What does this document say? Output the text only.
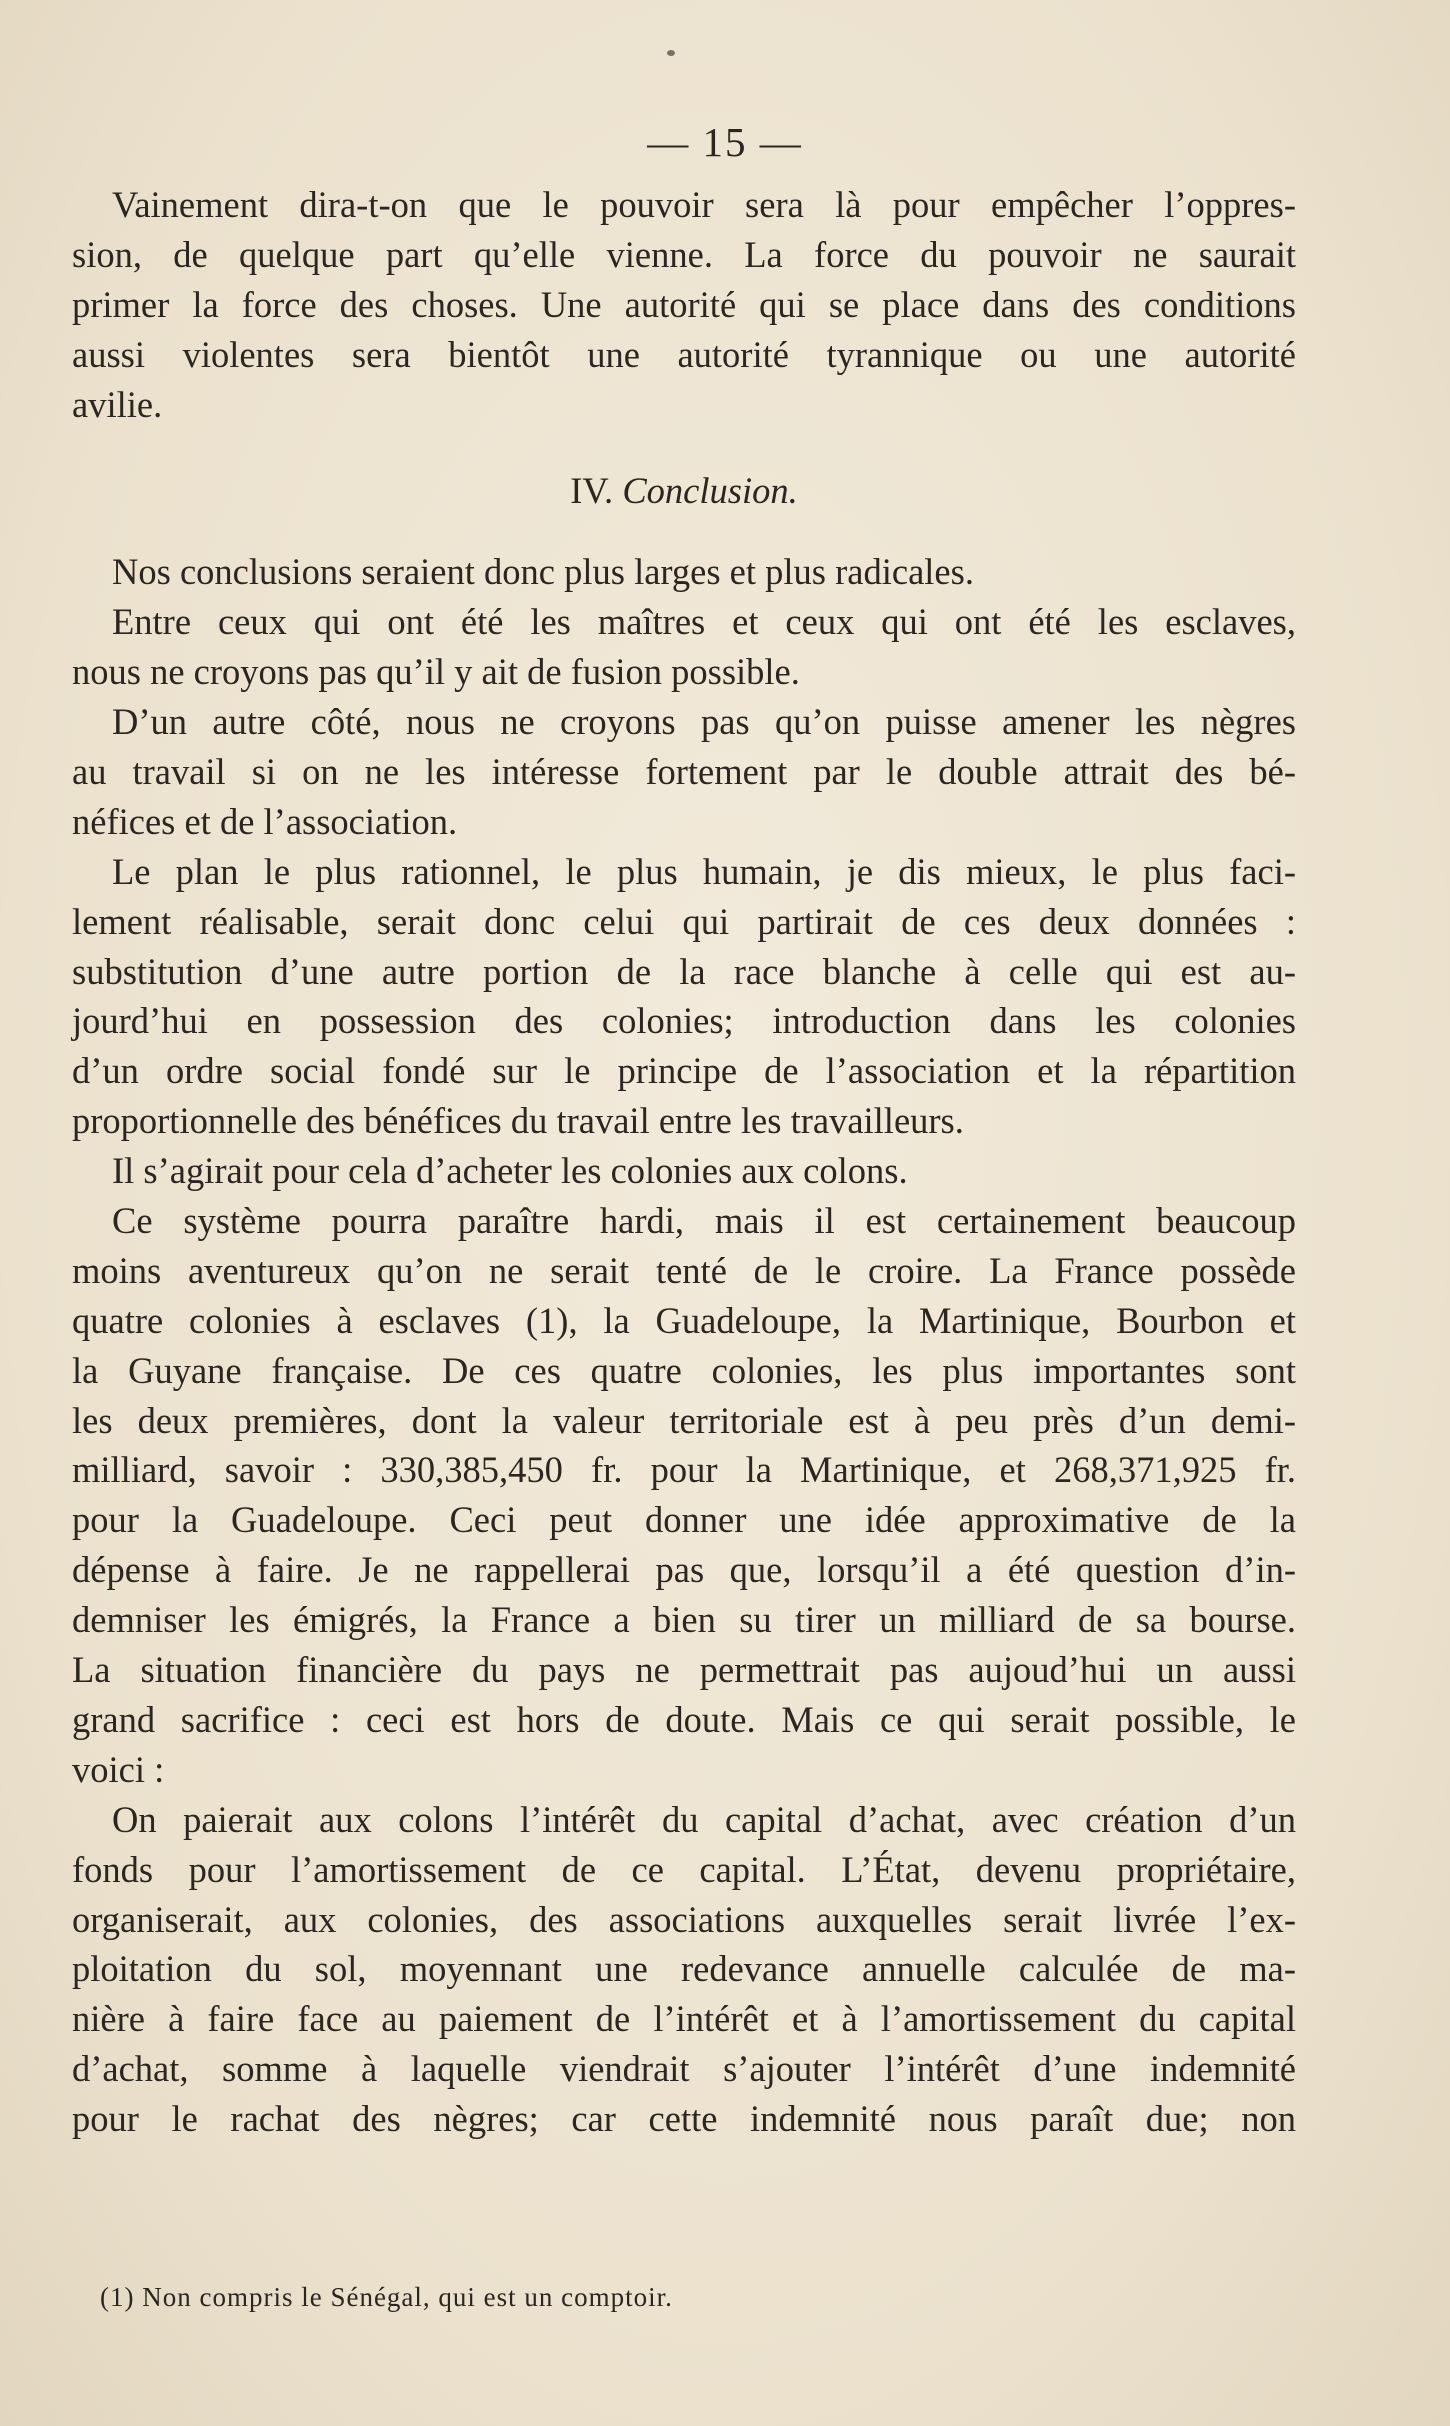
— 15 —
Vainement dira-t-on que le pouvoir sera là pour empêcher l’oppres-
sion, de quelque part qu’elle vienne. La force du pouvoir ne saurait
primer la force des choses. Une autorité qui se place dans des conditions
aussi violentes sera bientôt une autorité tyrannique ou une autorité
avilie.
IV. Conclusion.
Nos conclusions seraient donc plus larges et plus radicales.
Entre ceux qui ont été les maîtres et ceux qui ont été les esclaves,
nous ne croyons pas qu’il y ait de fusion possible.
D’un autre côté, nous ne croyons pas qu’on puisse amener les nègres
au travail si on ne les intéresse fortement par le double attrait des bé-
néfices et de l’association.
Le plan le plus rationnel, le plus humain, je dis mieux, le plus faci-
lement réalisable, serait donc celui qui partirait de ces deux données :
substitution d’une autre portion de la race blanche à celle qui est au-
jourd’hui en possession des colonies; introduction dans les colonies
d’un ordre social fondé sur le principe de l’association et la répartition
proportionnelle des bénéfices du travail entre les travailleurs.
Il s’agirait pour cela d’acheter les colonies aux colons.
Ce système pourra paraître hardi, mais il est certainement beaucoup
moins aventureux qu’on ne serait tenté de le croire. La France possède
quatre colonies à esclaves (1), la Guadeloupe, la Martinique, Bourbon et
la Guyane française. De ces quatre colonies, les plus importantes sont
les deux premières, dont la valeur territoriale est à peu près d’un demi-
milliard, savoir : 330,385,450 fr. pour la Martinique, et 268,371,925 fr.
pour la Guadeloupe. Ceci peut donner une idée approximative de la
dépense à faire. Je ne rappellerai pas que, lorsqu’il a été question d’in-
demniser les émigrés, la France a bien su tirer un milliard de sa bourse.
La situation financière du pays ne permettrait pas aujoud’hui un aussi
grand sacrifice : ceci est hors de doute. Mais ce qui serait possible, le
voici :
On paierait aux colons l’intérêt du capital d’achat, avec création d’un
fonds pour l’amortissement de ce capital. L’État, devenu propriétaire,
organiserait, aux colonies, des associations auxquelles serait livrée l’ex-
ploitation du sol, moyennant une redevance annuelle calculée de ma-
nière à faire face au paiement de l’intérêt et à l’amortissement du capital
d’achat, somme à laquelle viendrait s’ajouter l’intérêt d’une indemnité
pour le rachat des nègres; car cette indemnité nous paraît due; non
(1) Non compris le Sénégal, qui est un comptoir.
